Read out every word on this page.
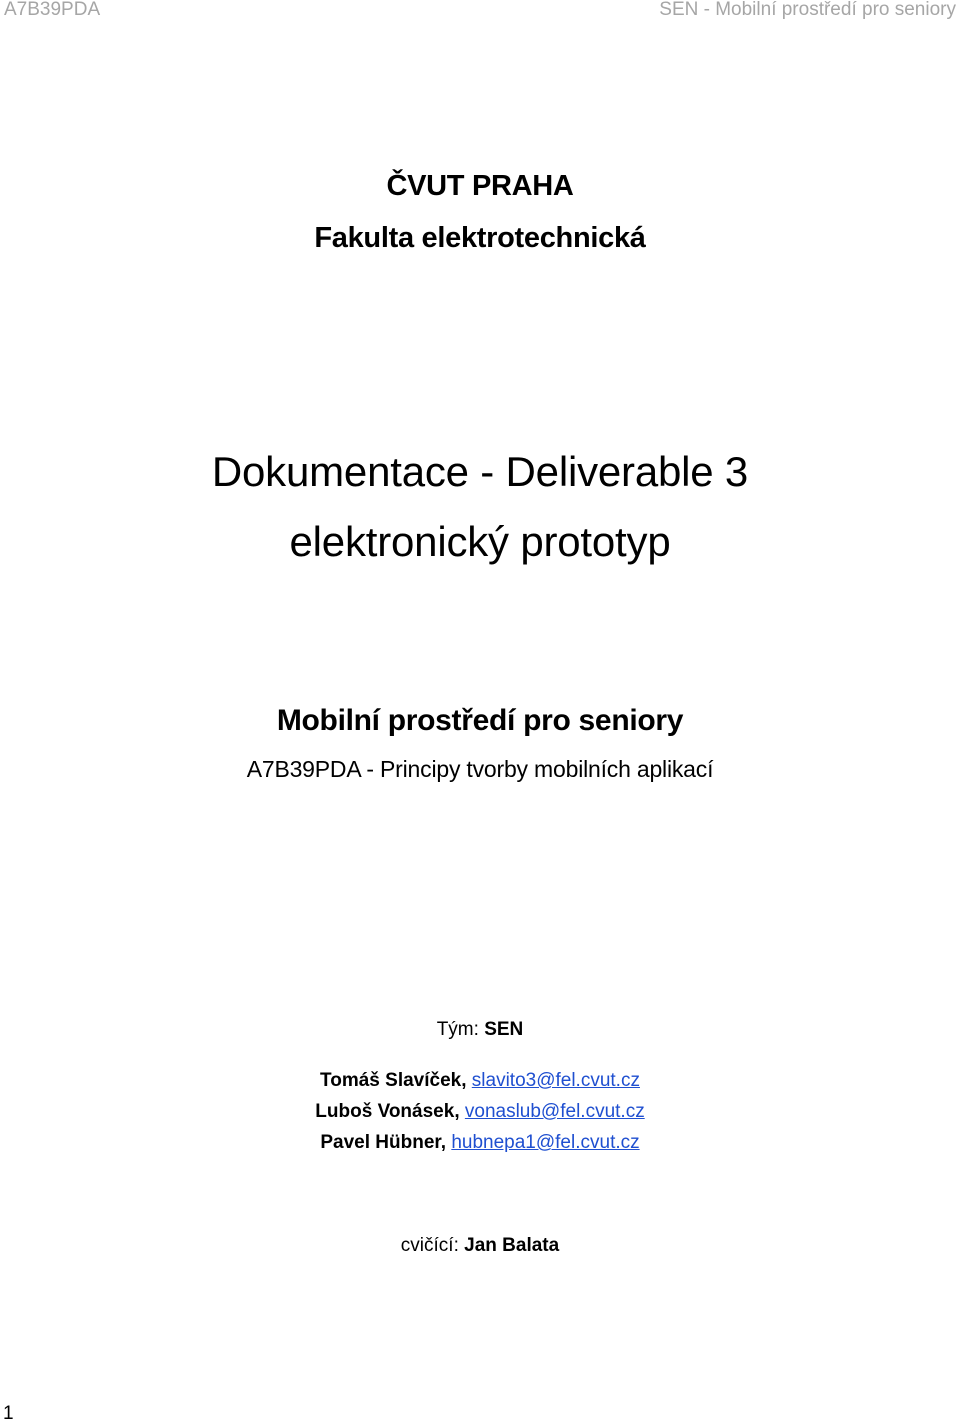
A7B39PDA	SEN - Mobilní prostředí pro seniory
ČVUT PRAHA
Fakulta elektrotechnická
Dokumentace - Deliverable 3
elektronický prototyp
Mobilní prostředí pro seniory
A7B39PDA - Principy tvorby mobilních aplikací
Tým: SEN
Tomáš Slavíček, slavito3@fel.cvut.cz
Luboš Vonásek, vonaslub@fel.cvut.cz
Pavel Hübner, hubnepa1@fel.cvut.cz
cvičící: Jan Balata
1
